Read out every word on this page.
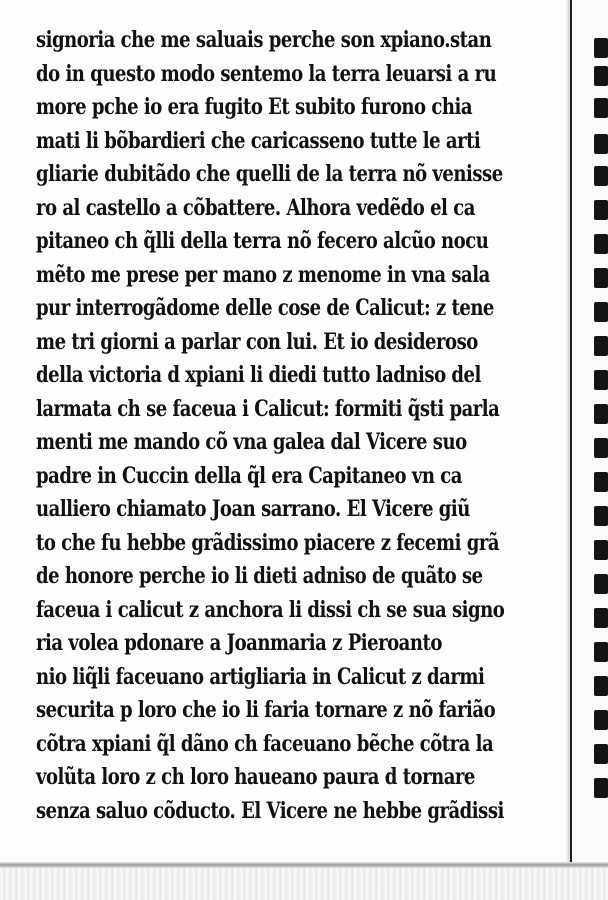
signoria che me saluais perche son xpiano.stan
do in questo modo sentemo la terra leuarsi a ru
more pche io era fugito Et subito furono chia
mati li bõbardieri che caricasseno tutte le arti
gliarie dubitãdo che quelli de la terra nõ venisse
ro al castello a cõbattere. Alhora vedẽdo el ca
pitaneo ch q̃lli della terra nõ fecero alcũo nocu
mẽto me prese per mano z menome in vna sala
pur interrogãdome delle cose de Calicut: z tene
me tri giorni a parlar con lui. Et io desideroso
della victoria d xpiani li diedi tutto ladniso del
larmata ch se faceua i Calicut: formiti q̃sti parla
menti me mando cõ vna galea dal Vicere suo
padre in Cuccin della q̃l era Capitaneo vn ca
ualliero chiamato Joan sarrano. El Vicere giũ
to che fu hebbe grãdissimo piacere z fecemi grã
de honore perche io li dieti adniso de quãto se
faceua i calicut z anchora li dissi ch se sua signo
ria volea pdonare a Joanmaria z Pieroanto
nio liq̃li faceuano artigliaria in Calicut z darmi
securita p loro che io li faria tornare z nõ farião
cõtra xpiani q̃l dãno ch faceuano bẽche cõtra la
volũta loro z ch loro haueano paura d tornare
senza saluo cõducto. El Vicere ne hebbe grãdissi
